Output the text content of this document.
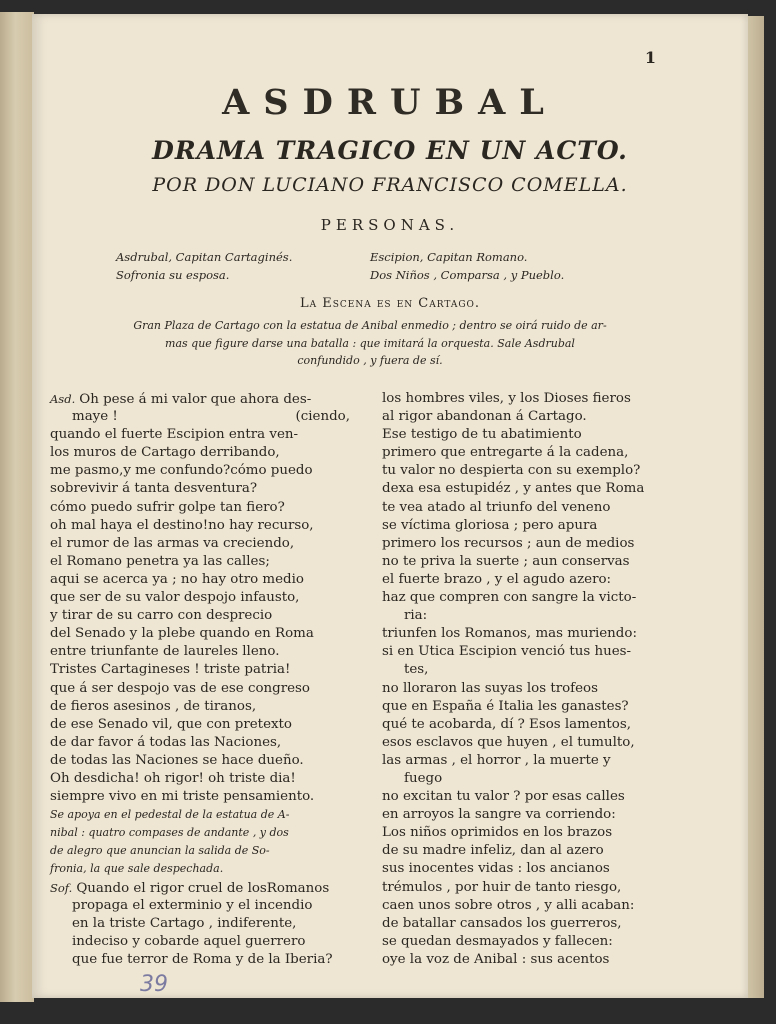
1
ASDRUBAL
DRAMA TRAGICO EN UN ACTO.
POR DON LUCIANO FRANCISCO COMELLA.
PERSONAS.
Asdrubal, Capitan Cartaginés.
Sofronia su esposa.
Escipion, Capitan Romano.
Dos Niños , Comparsa , y Pueblo.
La Escena es en Cartago.
Gran Plaza de Cartago con la estatua de Anibal enmedio ; dentro se oirá ruido de ar-
mas que figure darse una batalla : que imitará la orquesta. Sale Asdrubal
confundido , y fuera de sí.
Asd. Oh pese á mi valor que ahora des-
maye !	(ciendo,
quando el fuerte Escipion entra ven-
los muros de Cartago derribando,
me pasmo,y me confundo?cómo puedo
sobrevivir á tanta desventura?
cómo puedo sufrir golpe tan fiero?
oh mal haya el destino!no hay recurso,
el rumor de las armas va creciendo,
el Romano penetra ya las calles;
aqui se acerca ya ; no hay otro medio
que ser de su valor despojo infausto,
y tirar de su carro con desprecio
del Senado y la plebe quando en Roma
entre triunfante de laureles lleno.
Tristes Cartagineses ! triste patria!
que á ser despojo vas de ese congreso
de fieros asesinos , de tiranos,
de ese Senado vil, que con pretexto
de dar favor á todas las Naciones,
de todas las Naciones se hace dueño.
Oh desdicha! oh rigor! oh triste dia!
siempre vivo en mi triste pensamiento.
Se apoya en el pedestal de la estatua de A-
nibal : quatro compases de andante , y dos
de alegro que anuncian la salida de So-
fronia, la que sale despechada.
Sof. Quando el rigor cruel de losRomanos
propaga el exterminio y el incendio
en la triste Cartago , indiferente,
indeciso y cobarde aquel guerrero
que fue terror de Roma y de la Iberia?
los hombres viles, y los Dioses fieros
al rigor abandonan á Cartago.
Ese testigo de tu abatimiento
primero que entregarte á la cadena,
tu valor no despierta con su exemplo?
dexa esa estupidéz , y antes que Roma
te vea atado al triunfo del veneno
se víctima gloriosa ; pero apura
primero los recursos ; aun de medios
no te priva la suerte ; aun conservas
el fuerte brazo , y el agudo azero:
haz que compren con sangre la victo-
ria:
triunfen los Romanos, mas muriendo:
si en Utica Escipion venció tus hues-
tes,
no lloraron las suyas los trofeos
que en España é Italia les ganastes?
qué te acobarda, dí ? Esos lamentos,
esos esclavos que huyen , el tumulto,
las armas , el horror , la muerte y
fuego
no excitan tu valor ? por esas calles
en arroyos la sangre va corriendo:
Los niños oprimidos en los brazos
de su madre infeliz, dan al azero
sus inocentes vidas : los ancianos
trémulos , por huir de tanto riesgo,
caen unos sobre otros , y alli acaban:
de batallar cansados los guerreros,
se quedan desmayados y fallecen:
oye la voz de Anibal : sus acentos
39
